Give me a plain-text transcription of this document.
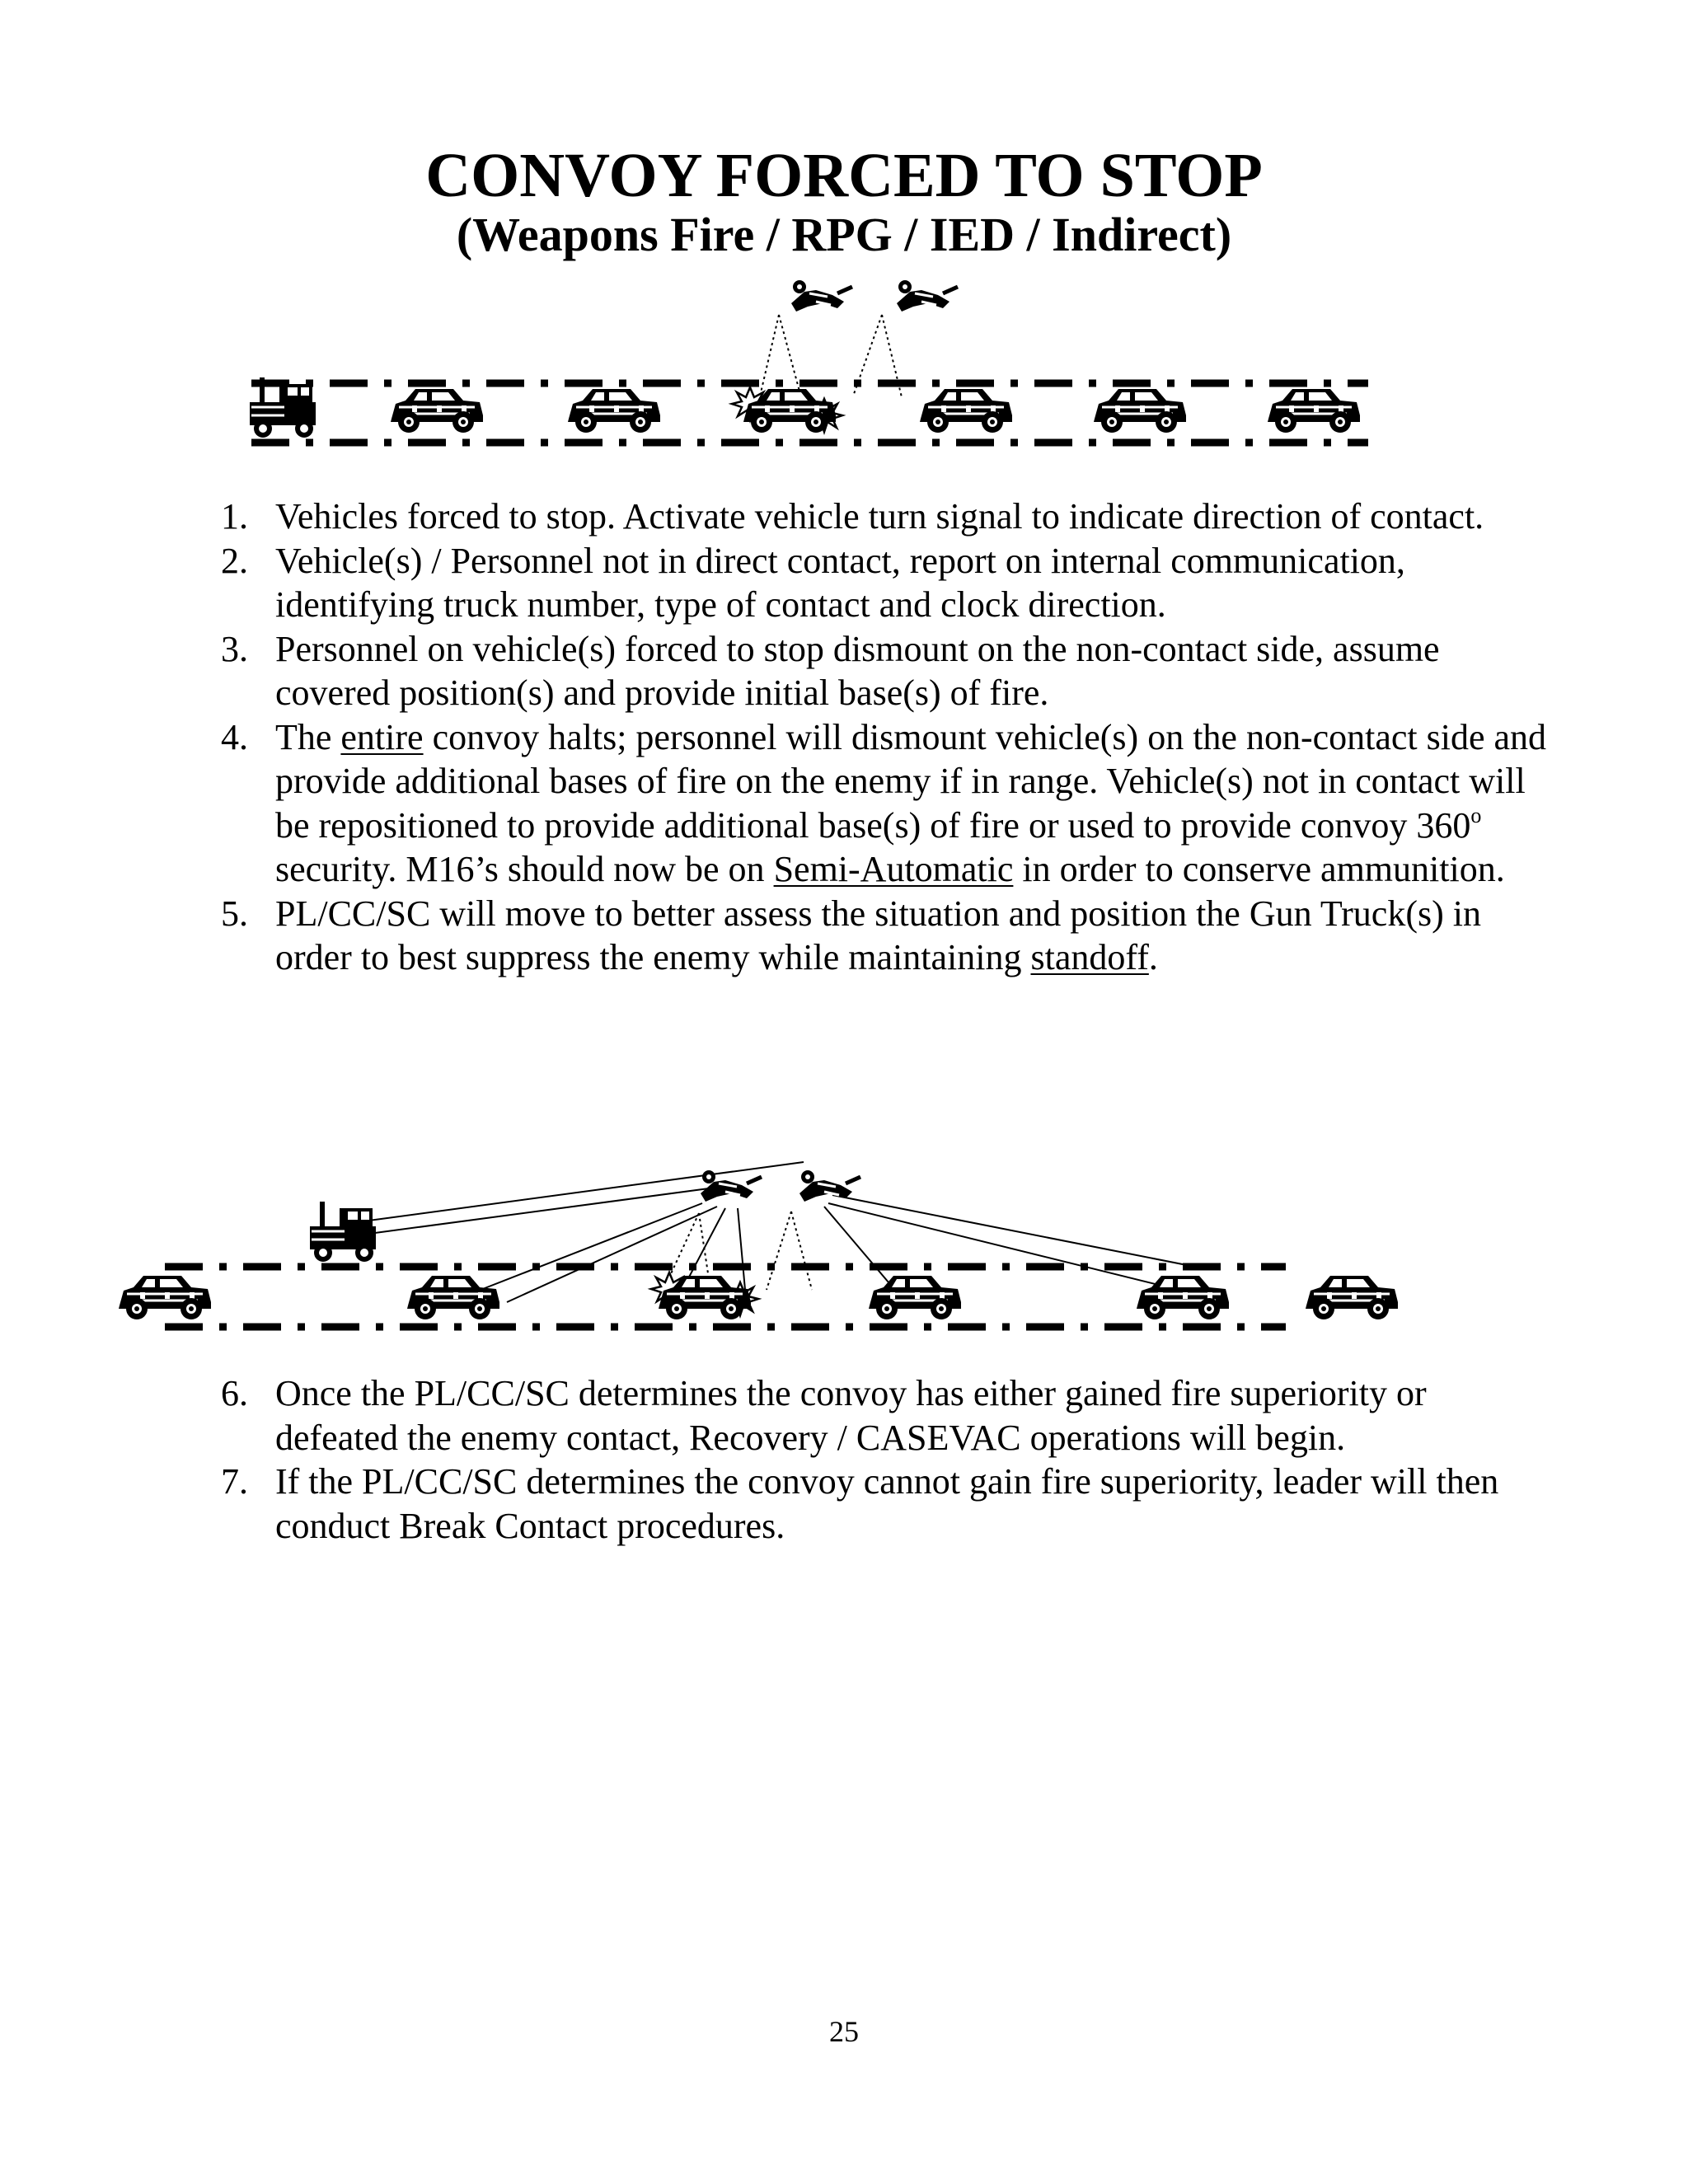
CONVOY FORCED TO STOP
(Weapons Fire / RPG / IED / Indirect)
1. Vehicles forced to stop. Activate vehicle turn signal to indicate direction of contact.
2. Vehicle(s) / Personnel not in direct contact, report on internal communication, identifying truck number, type of contact and clock direction.
3. Personnel on vehicle(s) forced to stop dismount on the non-contact side, assume covered position(s) and provide initial base(s) of fire.
4. The entire convoy halts; personnel will dismount vehicle(s) on the non-contact side and provide additional bases of fire on the enemy if in range. Vehicle(s) not in contact will be repositioned to provide additional base(s) of fire or used to provide convoy 360$^o$ security. M16’s should now be on Semi-Automatic in order to conserve ammunition.
5. PL/CC/SC will move to better assess the situation and position the Gun Truck(s) in order to best suppress the enemy while maintaining standoff.
6. Once the PL/CC/SC determines the convoy has either gained fire superiority or defeated the enemy contact, Recovery / CASEVAC operations will begin.
7. If the PL/CC/SC determines the convoy cannot gain fire superiority, leader will then conduct Break Contact procedures.
25
